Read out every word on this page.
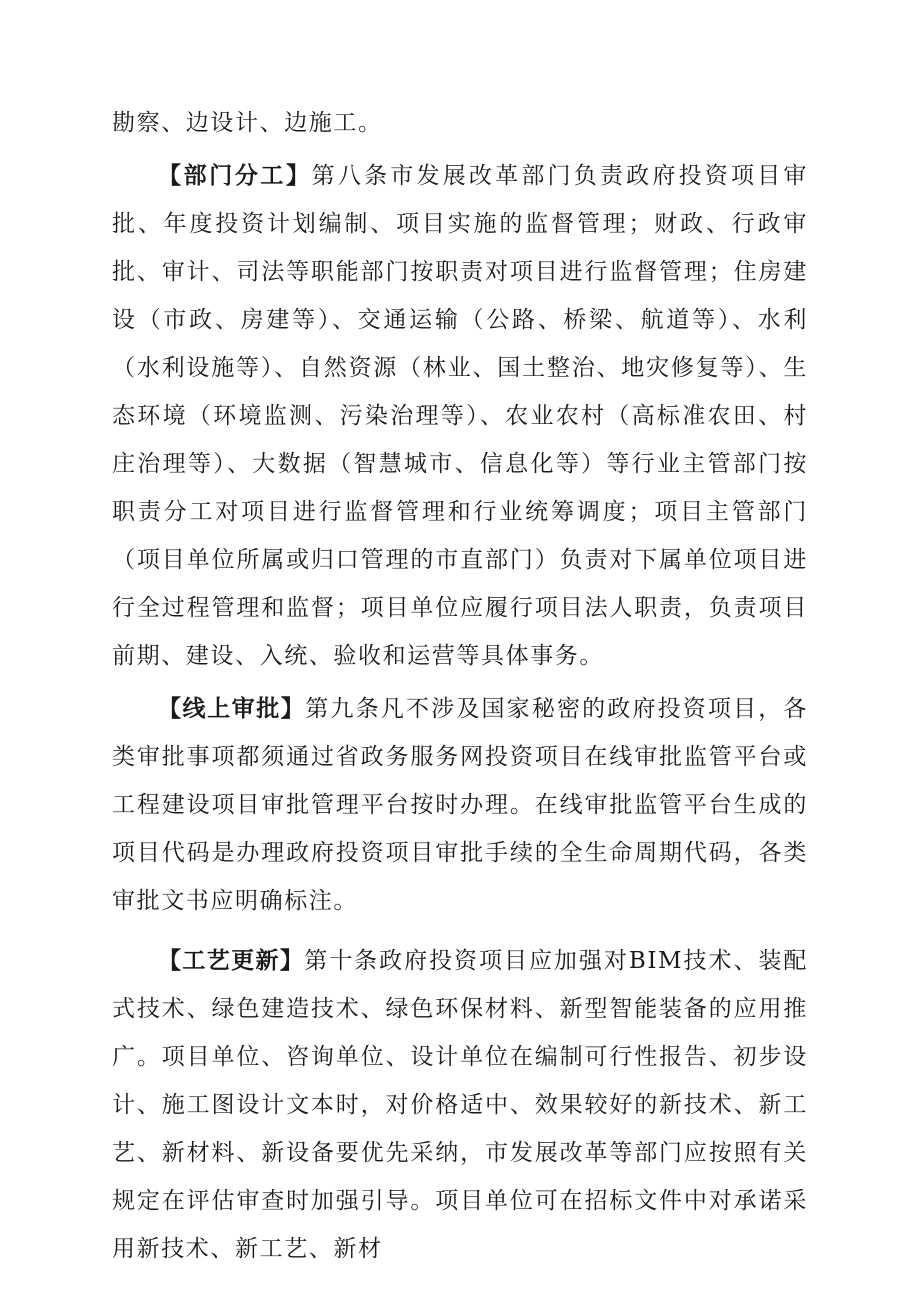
勘察、边设计、边施工。

【部门分工】第八条市发展改革部门负责政府投资项目审批、年度投资计划编制、项目实施的监督管理；财政、行政审批、审计、司法等职能部门按职责对项目进行监督管理；住房建设（市政、房建等）、交通运输（公路、桥梁、航道等）、水利（水利设施等）、自然资源（林业、国土整治、地灾修复等）、生态环境（环境监测、污染治理等）、农业农村（高标准农田、村庄治理等）、大数据（智慧城市、信息化等）等行业主管部门按职责分工对项目进行监督管理和行业统筹调度；项目主管部门（项目单位所属或归口管理的市直部门）负责对下属单位项目进行全过程管理和监督；项目单位应履行项目法人职责，负责项目前期、建设、入统、验收和运营等具体事务。

【线上审批】第九条凡不涉及国家秘密的政府投资项目，各类审批事项都须通过省政务服务网投资项目在线审批监管平台或工程建设项目审批管理平台按时办理。在线审批监管平台生成的项目代码是办理政府投资项目审批手续的全生命周期代码，各类审批文书应明确标注。

【工艺更新】第十条政府投资项目应加强对BIM技术、装配式技术、绿色建造技术、绿色环保材料、新型智能装备的应用推广。项目单位、咨询单位、设计单位在编制可行性报告、初步设计、施工图设计文本时，对价格适中、效果较好的新技术、新工艺、新材料、新设备要优先采纳，市发展改革等部门应按照有关规定在评估审查时加强引导。项目单位可在招标文件中对承诺采用新技术、新工艺、新材
